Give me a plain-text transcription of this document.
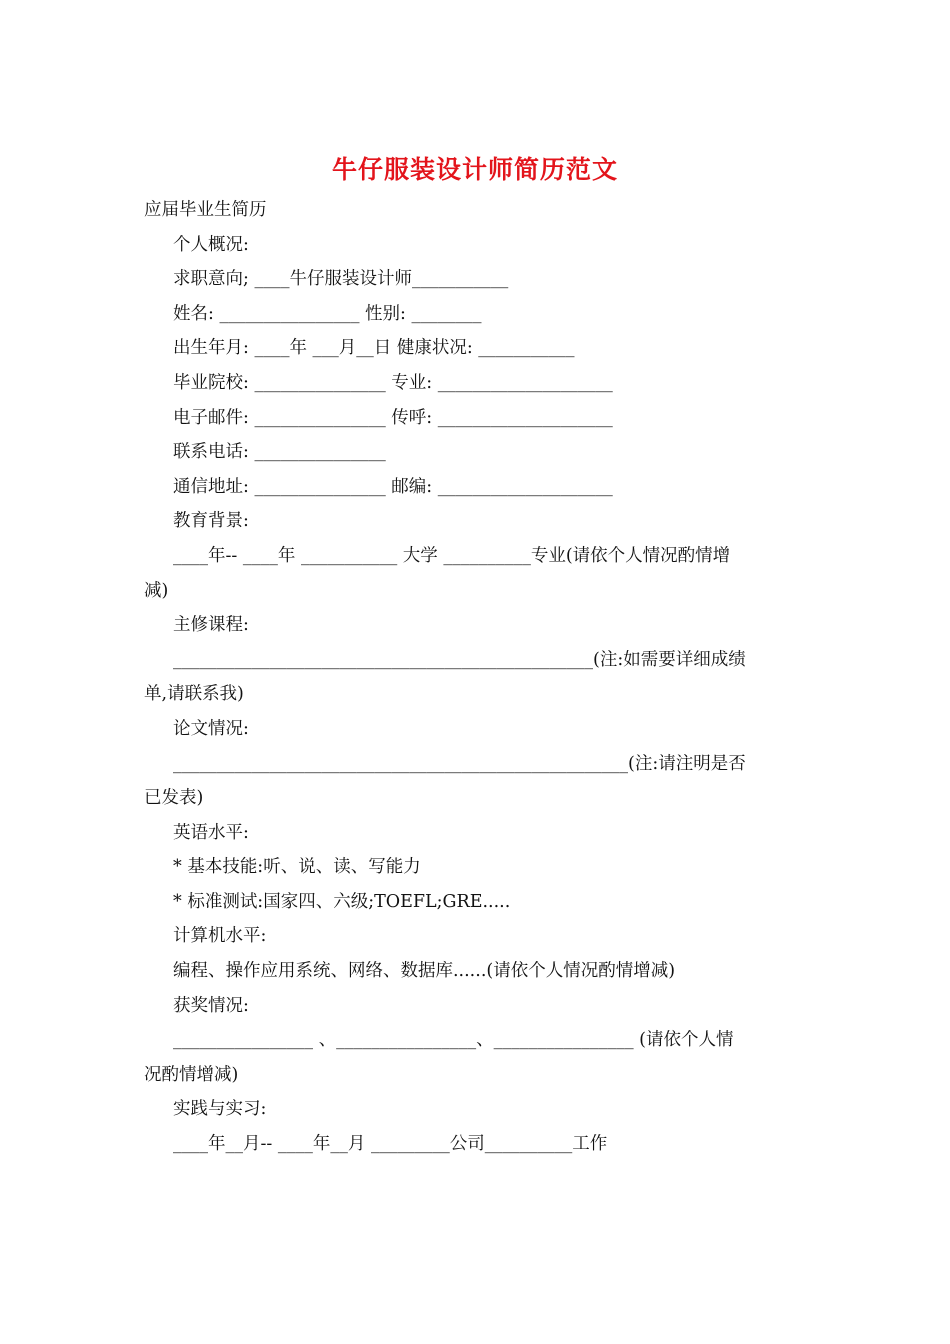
牛仔服装设计师简历范文
应届毕业生简历
个人概况:
求职意向; ____牛仔服装设计师___________
姓名: ________________ 性别: ________
出生年月: ____年 ___月__日 健康状况: ___________
毕业院校: _______________ 专业: ____________________
电子邮件: _______________ 传呼: ____________________
联系电话: _______________
通信地址: _______________ 邮编: ____________________
教育背景:
____年-- ____年 ___________ 大学 __________专业(请依个人情况酌情增
减)
主修课程:
________________________________________________(注:如需要详细成绩
单,请联系我)
论文情况:
____________________________________________________(注:请注明是否
已发表)
英语水平:
* 基本技能:听、说、读、写能力
* 标准测试:国家四、六级;TOEFL;GRE.....
计算机水平:
编程、操作应用系统、网络、数据库......(请依个人情况酌情增减)
获奖情况:
________________ 、________________、________________ (请依个人情
况酌情增减)
实践与实习:
____年__月-- ____年__月 _________公司__________工作
